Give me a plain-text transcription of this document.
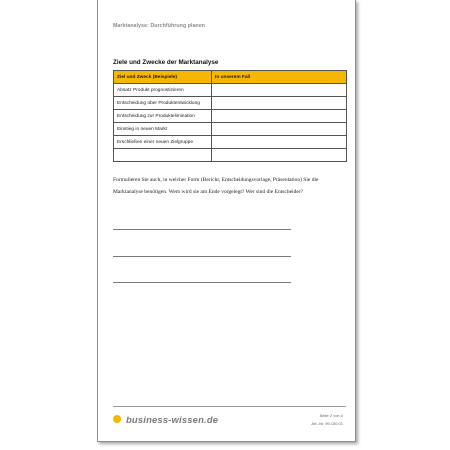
Marktanalyse: Durchführung planen
Ziele und Zwecke der Marktanalyse
Ziel und Zweck (Beispiele)	In unserem Fall
Absatz Produkt prognostizieren	
Entscheidung über Produktentwicklung	
Entscheidung zur Produktelimination	
Einstieg in neuen Markt	
Erschließen einer neuen Zielgruppe	

Formulieren Sie auch, in welcher Form (Bericht, Entscheidungsvorlage, Präsentation) Sie die Marktanalyse benötigen. Wem wird sie am Ende vorgelegt? Wer sind die Entscheider?
business-wissen.de	Seite 2 von 4
Art.-Nr. 99.150.01
